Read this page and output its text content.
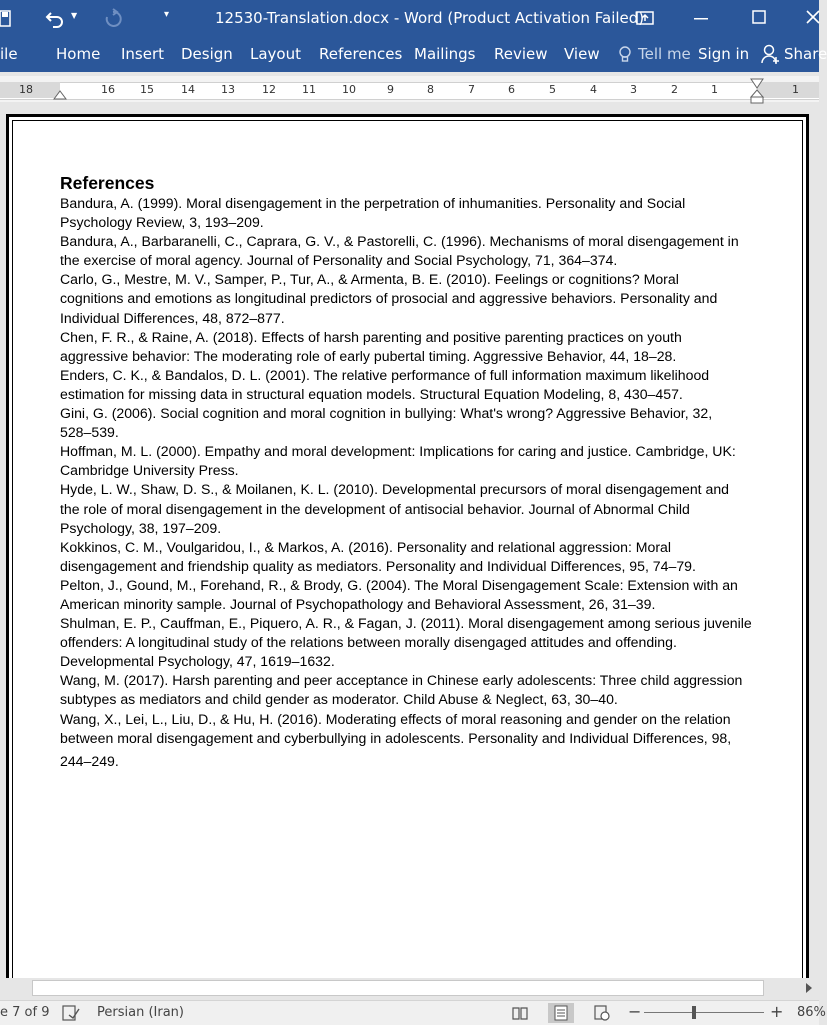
▼	▾	12530-Translation.docx - Word (Product Activation Failed)
ile	Home Insert Design Layout References Mailings Review View	Tell me Sign in Share
18	16 15 14 13 12 11 10	9	8	7	6	5	4	3	2	1	1
References
Bandura, A. (1999). Moral disengagement in the perpetration of inhumanities. Personality and Social
Psychology Review, 3, 193–209.
Bandura, A., Barbaranelli, C., Caprara, G. V., & Pastorelli, C. (1996). Mechanisms of moral disengagement in
the exercise of moral agency. Journal of Personality and Social Psychology, 71, 364–374.
Carlo, G., Mestre, M. V., Samper, P., Tur, A., & Armenta, B. E. (2010). Feelings or cognitions? Moral
cognitions and emotions as longitudinal predictors of prosocial and aggressive behaviors. Personality and
Individual Differences, 48, 872–877.
Chen, F. R., & Raine, A. (2018). Effects of harsh parenting and positive parenting practices on youth
aggressive behavior: The moderating role of early pubertal timing. Aggressive Behavior, 44, 18–28.
Enders, C. K., & Bandalos, D. L. (2001). The relative performance of full information maximum likelihood
estimation for missing data in structural equation models. Structural Equation Modeling, 8, 430–457.
Gini, G. (2006). Social cognition and moral cognition in bullying: What's wrong? Aggressive Behavior, 32,
528–539.
Hoffman, M. L. (2000). Empathy and moral development: Implications for caring and justice. Cambridge, UK:
Cambridge University Press.
Hyde, L. W., Shaw, D. S., & Moilanen, K. L. (2010). Developmental precursors of moral disengagement and
the role of moral disengagement in the development of antisocial behavior. Journal of Abnormal Child
Psychology, 38, 197–209.
Kokkinos, C. M., Voulgaridou, I., & Markos, A. (2016). Personality and relational aggression: Moral
disengagement and friendship quality as mediators. Personality and Individual Differences, 95, 74–79.
Pelton, J., Gound, M., Forehand, R., & Brody, G. (2004). The Moral Disengagement Scale: Extension with an
American minority sample. Journal of Psychopathology and Behavioral Assessment, 26, 31–39.
Shulman, E. P., Cauffman, E., Piquero, A. R., & Fagan, J. (2011). Moral disengagement among serious juvenile
offenders: A longitudinal study of the relations between morally disengaged attitudes and offending.
Developmental Psychology, 47, 1619–1632.
Wang, M. (2017). Harsh parenting and peer acceptance in Chinese early adolescents: Three child aggression
subtypes as mediators and child gender as moderator. Child Abuse & Neglect, 63, 30–40.
Wang, X., Lei, L., Liu, D., & Hu, H. (2016). Moderating effects of moral reasoning and gender on the relation
between moral disengagement and cyberbullying in adolescents. Personality and Individual Differences, 98,
244–249.
e 7 of 9	Persian (Iran)	−	+ 86%
